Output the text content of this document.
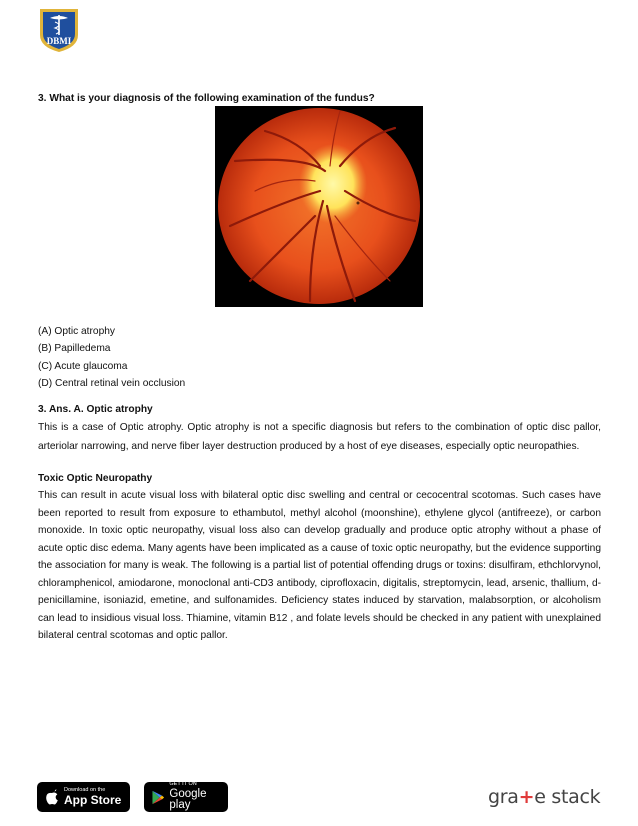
DBMI
3. What is your diagnosis of the following examination of the fundus?
(A) Optic atrophy
(B) Papilledema
(C) Acute glaucoma
(D) Central retinal vein occlusion
3. Ans. A. Optic atrophy
This is a case of Optic atrophy. Optic atrophy is not a specific diagnosis but refers to the combination of optic disc pallor, arteriolar narrowing, and nerve fiber layer destruction produced by a host of eye diseases, especially optic neuropathies.
Toxic Optic Neuropathy
This can result in acute visual loss with bilateral optic disc swelling and central or cecocentral scotomas. Such cases have been reported to result from exposure to ethambutol, methyl alcohol (moonshine), ethylene glycol (antifreeze), or carbon monoxide. In toxic optic neuropathy, visual loss also can develop gradually and produce optic atrophy without a phase of acute optic disc edema. Many agents have been implicated as a cause of toxic optic neuropathy, but the evidence supporting the association for many is weak. The following is a partial list of potential offending drugs or toxins: disulfiram, ethchlorvynol, chloramphenicol, amiodarone, monoclonal anti-CD3 antibody, ciprofloxacin, digitalis, streptomycin, lead, arsenic, thallium, d-penicillamine, isoniazid, emetine, and sulfonamides. Deficiency states induced by starvation, malabsorption, or alcoholism can lead to insidious visual loss. Thiamine, vitamin B12 , and folate levels should be checked in any patient with unexplained bilateral central scotomas and optic pallor.
Download on the
App Store
GET IT ON
Google play	gra+e stack
